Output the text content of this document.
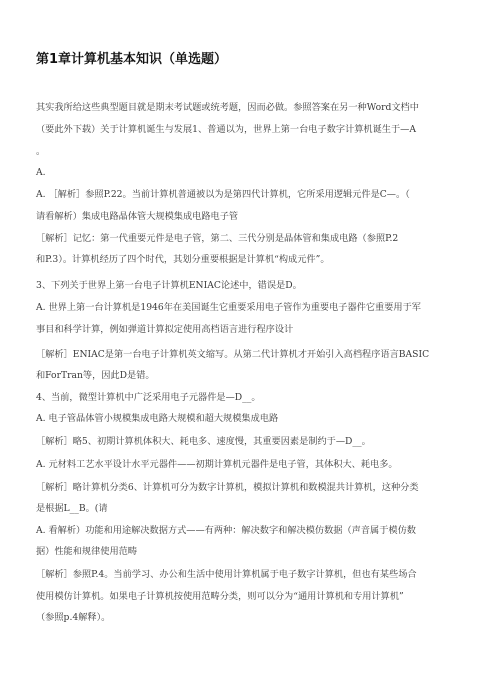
第1章计算机基本知识（单选题）
其实我所给这些典型题目就是期末考试题或统考题，因而必做。参照答案在另一种Word文档中
（要此外下载）关于计算机诞生与发展1、普通以为，世界上第一台电子数字计算机诞生于—A
。
A.
A. ［解析］参照P.22。当前计算机普通被以为是第四代计算机，它所采用逻辑元件是C—。（
请看解析）集成电路晶体管大规模集成电路电子管
［解析］记忆：第一代重要元件是电子管，第二、三代分别是晶体管和集成电路（参照P.2
和P.3）。计算机经历了四个时代，其划分重要根据是计算机“构成元件”。
3、下列关于世界上第一台电子计算机ENIAC论述中，错误是D。
A. 世界上第一台计算机是1946年在美国诞生它重要采用电子管作为重要电子器件它重要用于军
事目和科学计算，例如弹道计算拟定使用高档语言进行程序设计
［解析］ENIAC是第一台电子计算机英文缩写。从第二代计算机才开始引入高档程序语言BASIC
和ForTran等，因此D是错。
4、当前，微型计算机中广泛采用电子元器件是—D__。
A. 电子管晶体管小规模集成电路大规模和超大规模集成电路
［解析］略5、初期计算机体积大、耗电多、速度慢，其重要因素是制约于—D__。
A. 元材料工艺水平设计水平元器件——初期计算机元器件是电子管，其体积大、耗电多。
［解析］略计算机分类6、计算机可分为数字计算机，模拟计算机和数模混共计算机，这种分类
是根据L__B。(请
A. 看解析）功能和用途解决数据方式——有两种：解决数字和解决模仿数据（声音属于模仿数
据）性能和规律使用范畴
［解析］参照P.4。当前学习、办公和生活中使用计算机属于电子数字计算机，但也有某些场合
使用模仿计算机。如果电子计算机按使用范畴分类，则可以分为“通用计算机和专用计算机”
（参照p.4解释）。
